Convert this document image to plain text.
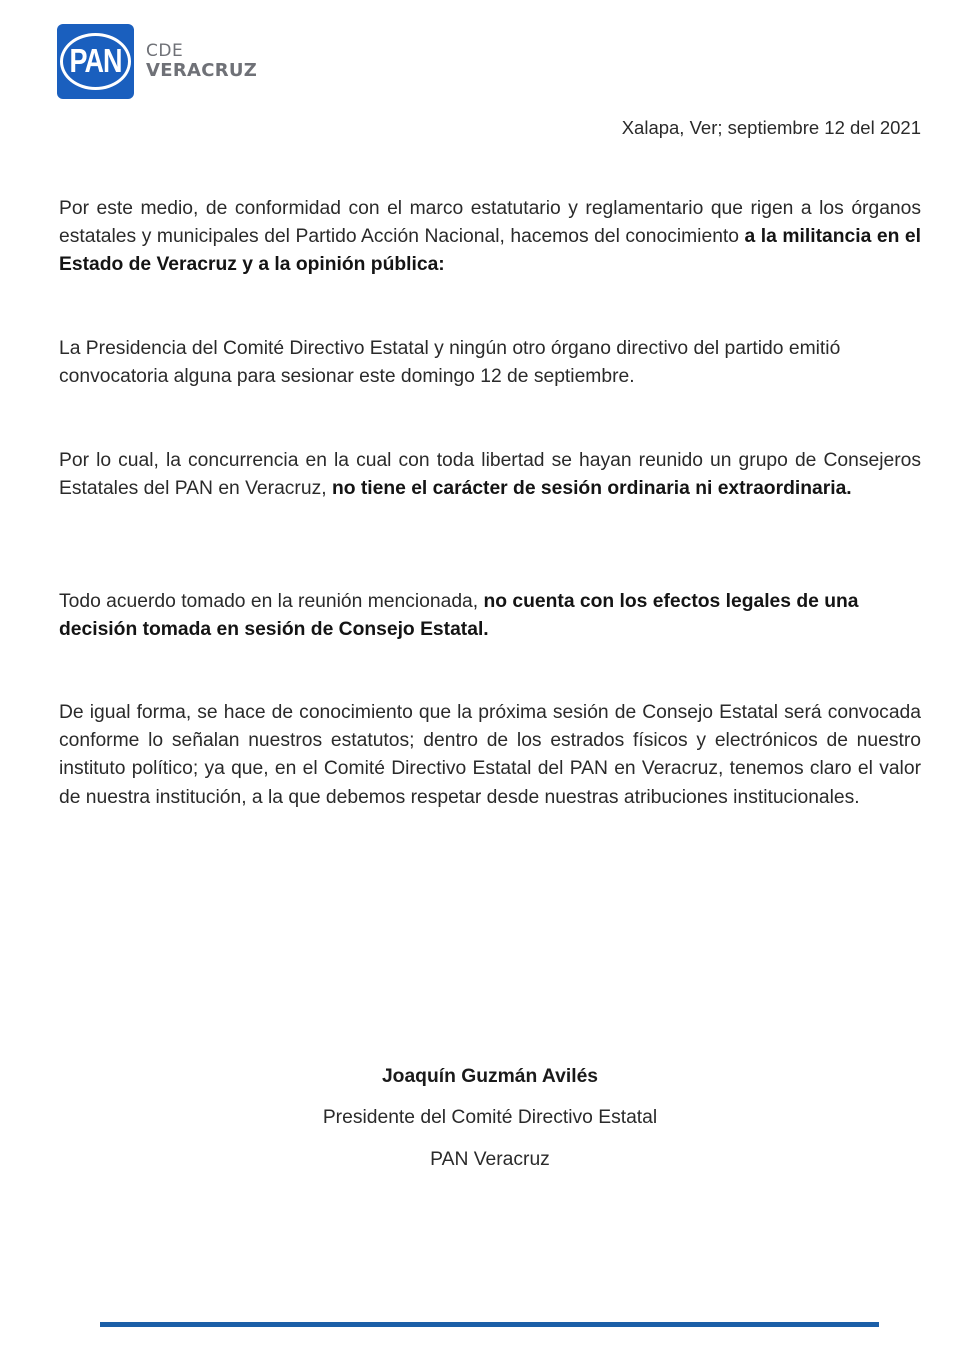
PAN CDE
VERACRUZ
Xalapa, Ver; septiembre 12 del 2021
Por este medio, de conformidad con el marco estatutario y reglamentario que rigen a los órganos estatales y municipales del Partido Acción Nacional, hacemos del conocimiento a la militancia en el Estado de Veracruz y a la opinión pública:
La Presidencia del Comité Directivo Estatal y ningún otro órgano directivo del partido emitió convocatoria alguna para sesionar este domingo 12 de septiembre.
Por lo cual, la concurrencia en la cual con toda libertad se hayan reunido un grupo de Consejeros Estatales del PAN en Veracruz, no tiene el carácter de sesión ordinaria ni extraordinaria.
Todo acuerdo tomado en la reunión mencionada, no cuenta con los efectos legales de una decisión tomada en sesión de Consejo Estatal.
De igual forma, se hace de conocimiento que la próxima sesión de Consejo Estatal será convocada conforme lo señalan nuestros estatutos; dentro de los estrados físicos y electrónicos de nuestro instituto político; ya que, en el Comité Directivo Estatal del PAN en Veracruz, tenemos claro el valor de nuestra institución, a la que debemos respetar desde nuestras atribuciones institucionales.
Joaquín Guzmán Avilés
Presidente del Comité Directivo Estatal
PAN Veracruz
